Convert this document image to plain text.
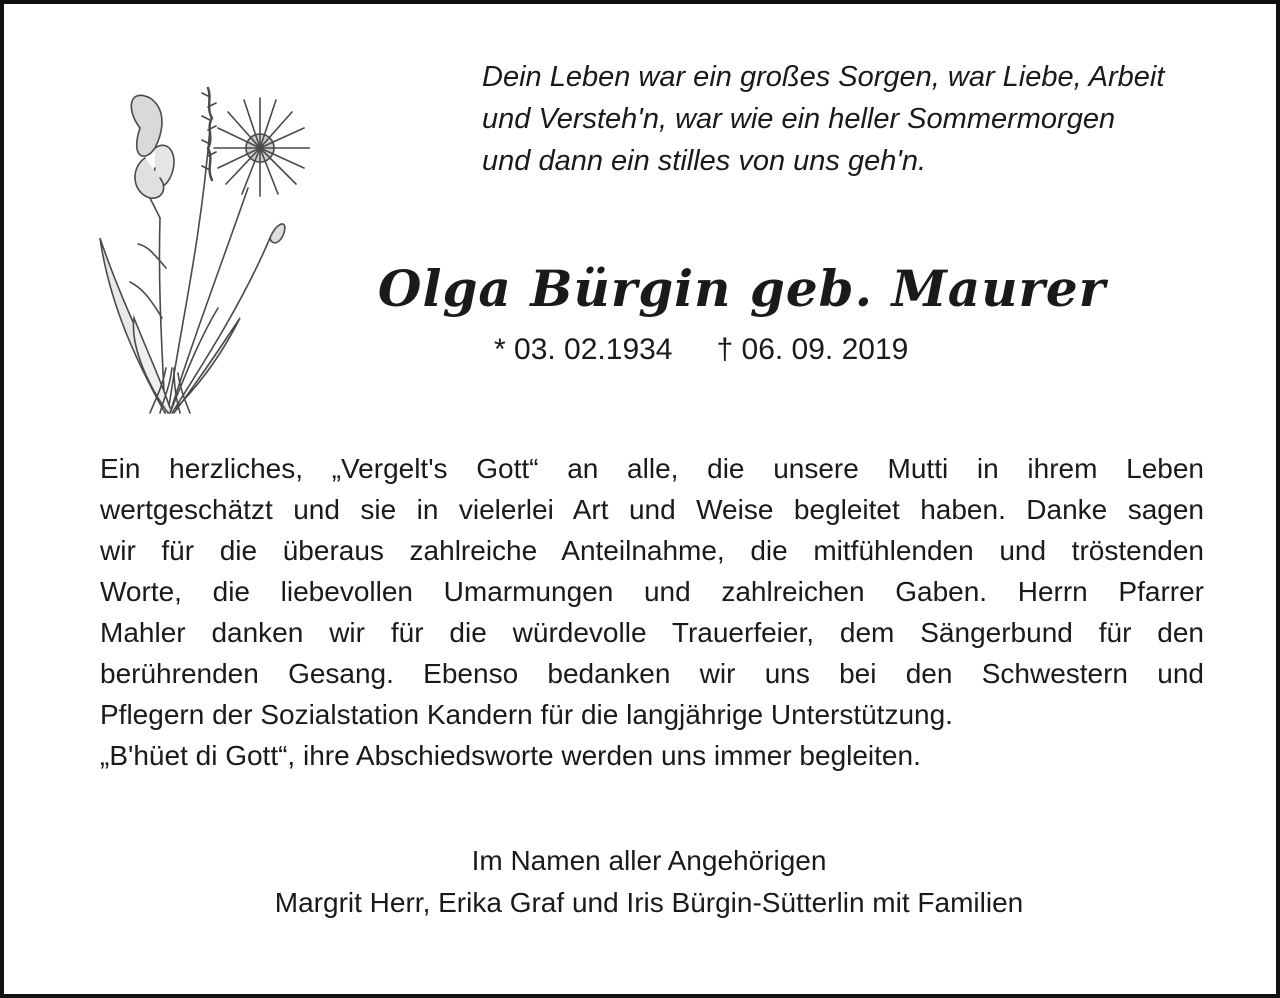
Dein Leben war ein großes Sorgen, war Liebe, Arbeit
und Versteh'n, war wie ein heller Sommermorgen
und dann ein stilles von uns geh'n.

Olga Bürgin geb. Maurer
* 03. 02.1934 † 06. 09. 2019

Ein herzliches, „Vergelt's Gott“ an alle, die unsere Mutti in ihrem Leben
wertgeschätzt und sie in vielerlei Art und Weise begleitet haben. Danke sagen
wir für die überaus zahlreiche Anteilnahme, die mitfühlenden und tröstenden
Worte, die liebevollen Umarmungen und zahlreichen Gaben. Herrn Pfarrer
Mahler danken wir für die würdevolle Trauerfeier, dem Sängerbund für den
berührenden Gesang. Ebenso bedanken wir uns bei den Schwestern und
Pflegern der Sozialstation Kandern für die langjährige Unterstützung.
„B'hüet di Gott“, ihre Abschiedsworte werden uns immer begleiten.

Im Namen aller Angehörigen
Margrit Herr, Erika Graf und Iris Bürgin-Sütterlin mit Familien
